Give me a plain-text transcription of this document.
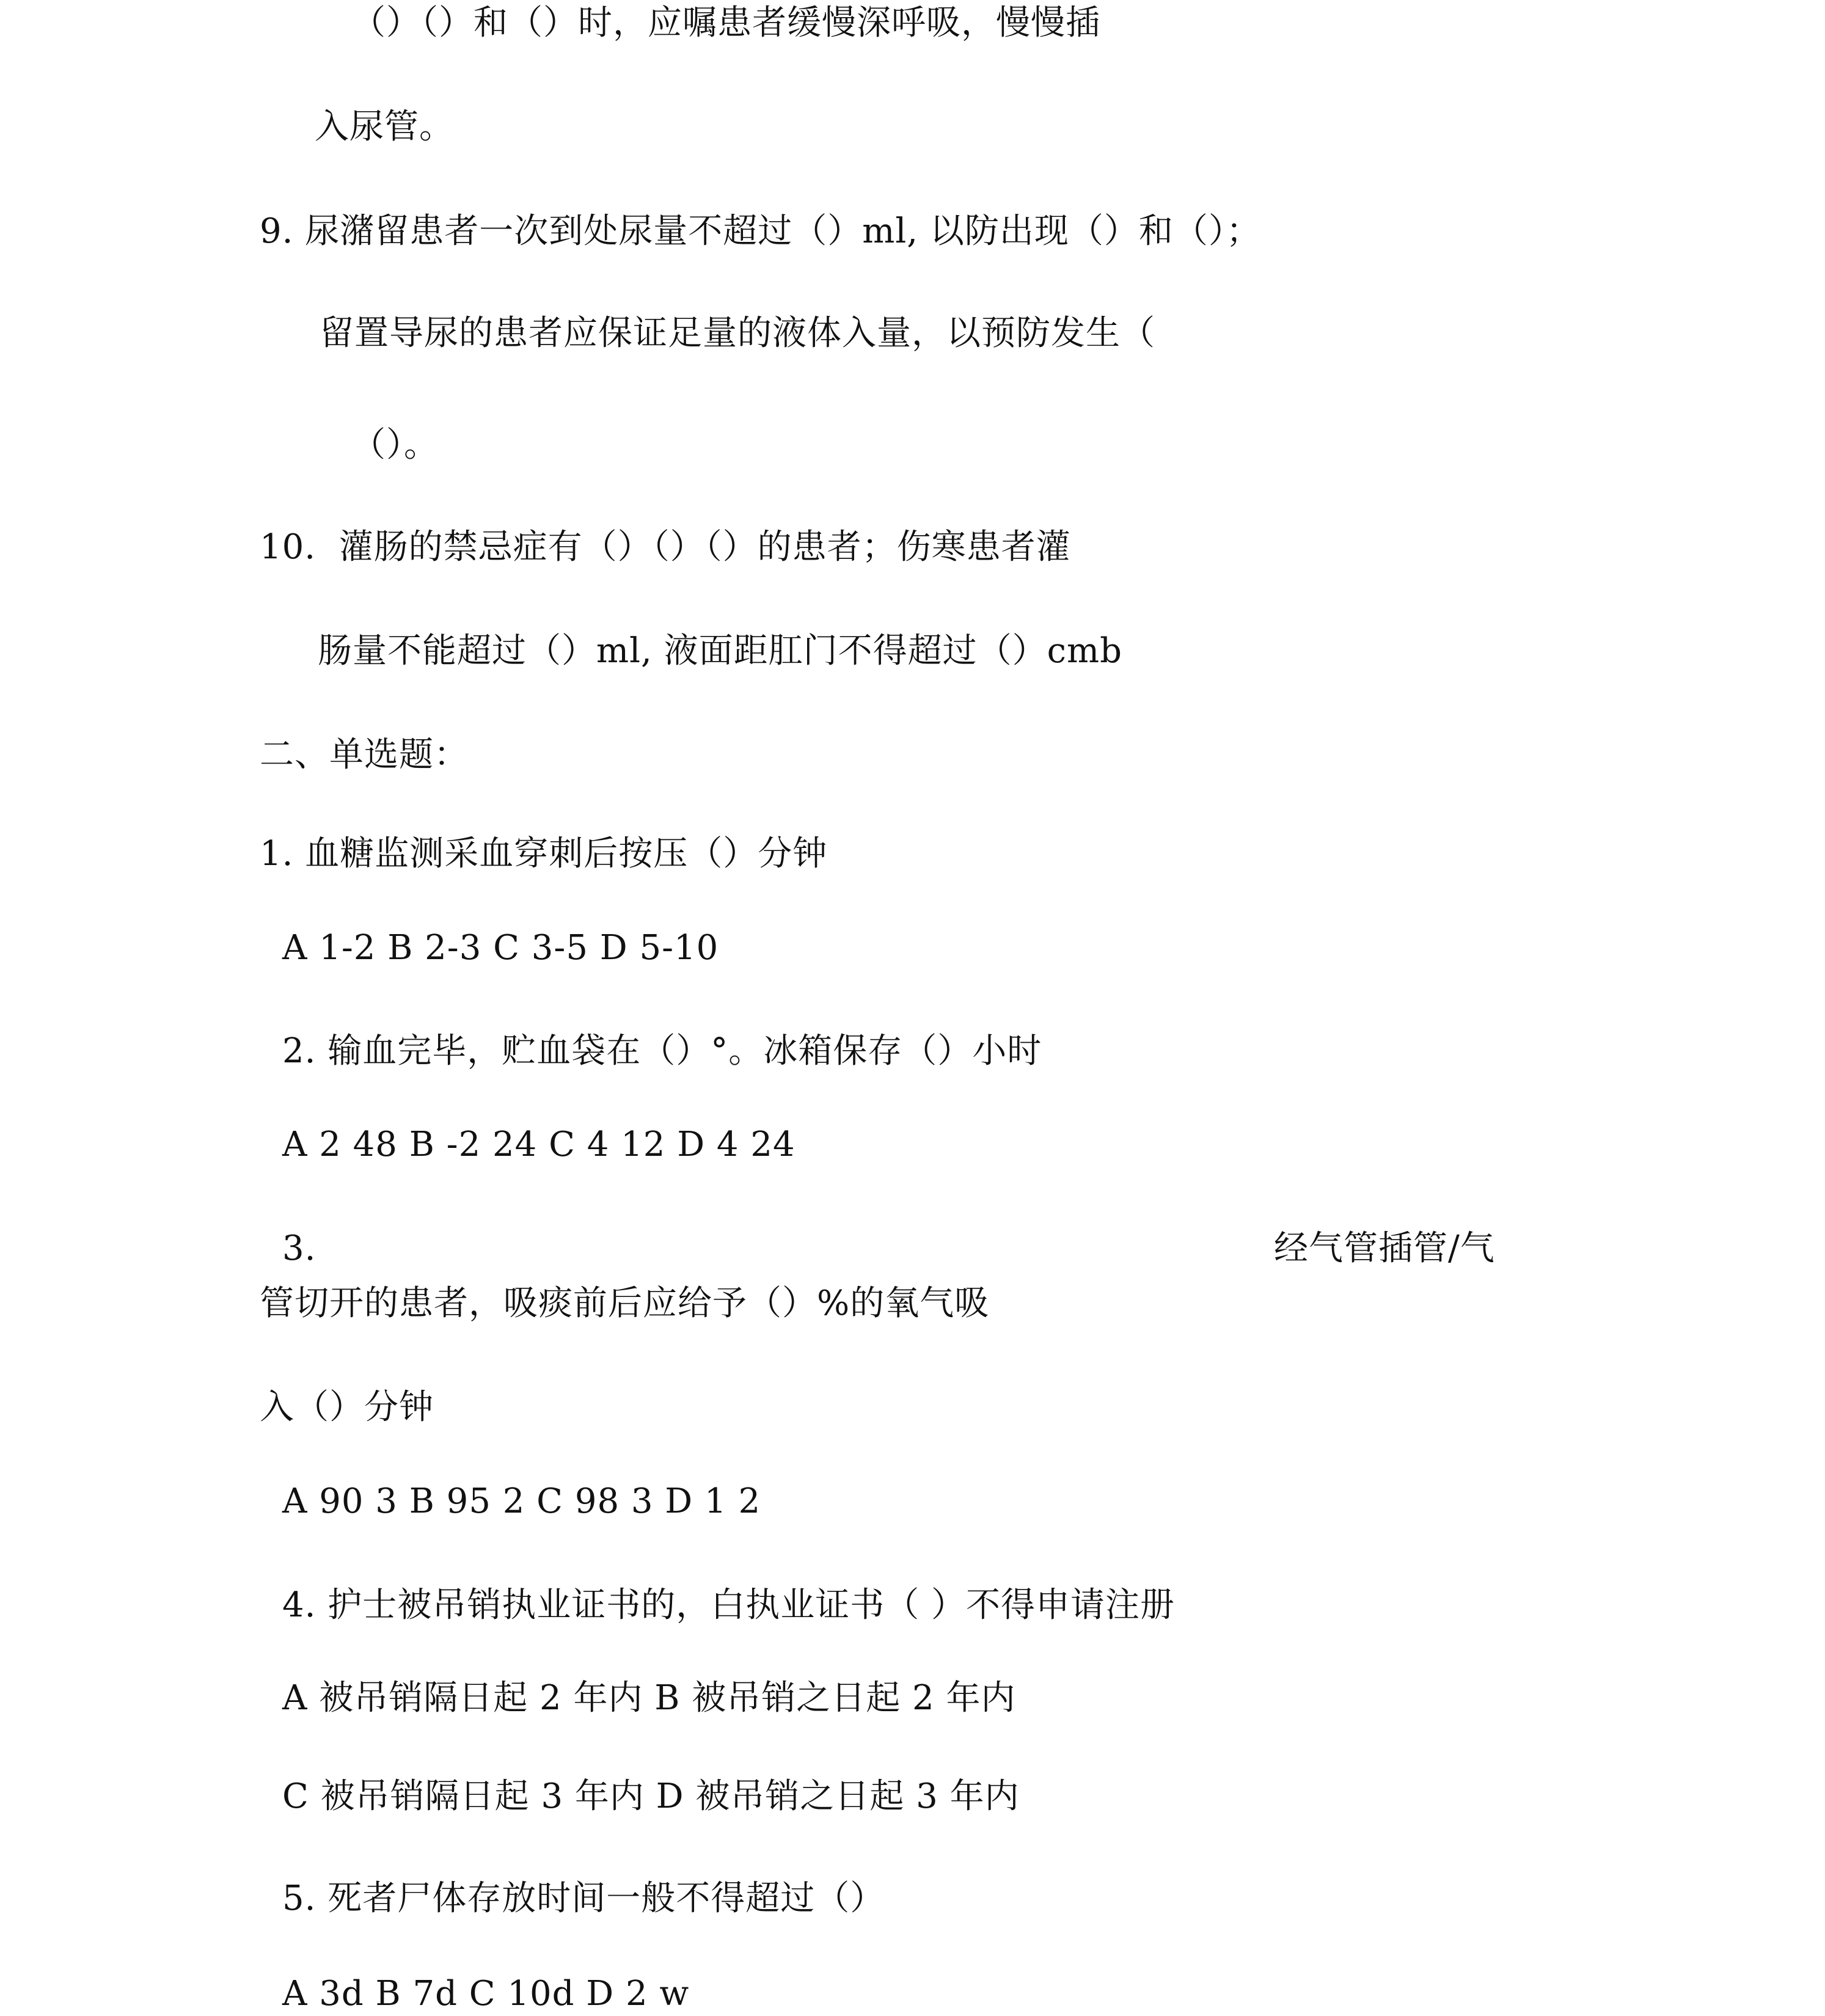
（）（）和（）时，应嘱患者缓慢深呼吸，慢慢插
入尿管。
9. 尿潴留患者一次到处尿量不超过（）ml, 以防出现（）和（）；
留置导尿的患者应保证足量的液体入量，以预防发生（
（）。
10.  灌肠的禁忌症有（）（）（）的患者；伤寒患者灌
肠量不能超过（）ml, 液面距肛门不得超过（）cmb
二、单选题：
1. 血糖监测采血穿刺后按压（）分钟
A 1-2 B 2-3 C 3-5 D 5-10
2. 输血完毕，贮血袋在（）°。冰箱保存（）小时
A 2 48 B -2 24 C 4 12 D 4 24
3.	经气管插管/气
管切开的患者，吸痰前后应给予（）%的氧气吸
入（）分钟
A 90 3 B 95 2 C 98 3 D 1 2
4. 护士被吊销执业证书的，白执业证书（ ）不得申请注册
A 被吊销隔日起 2 年内 B 被吊销之日起 2 年内
C 被吊销隔日起 3 年内 D 被吊销之日起 3 年内
5. 死者尸体存放时间一般不得超过（）
A 3d B 7d C 10d D 2 w
